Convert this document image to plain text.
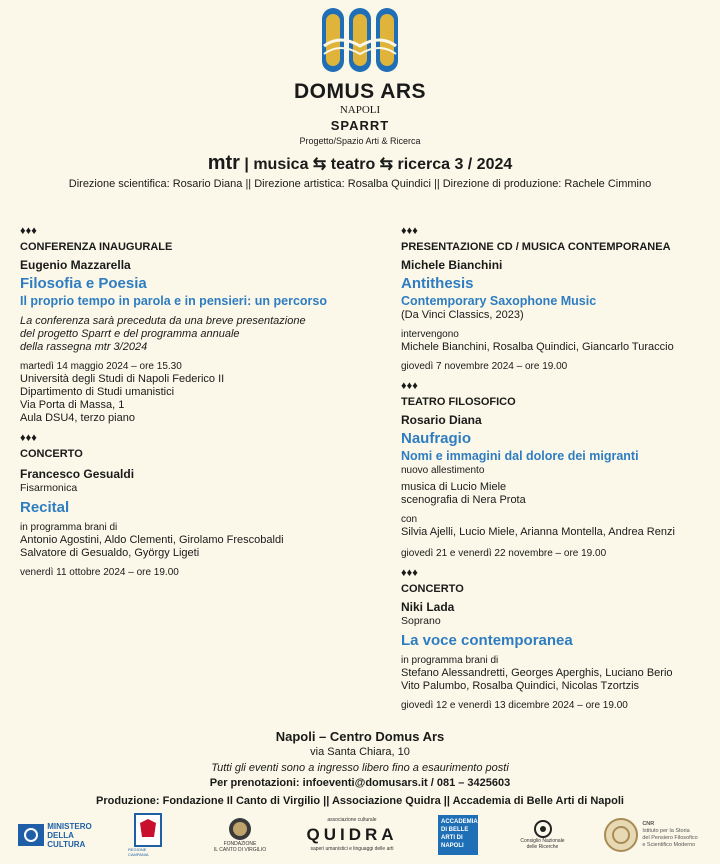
DOMUS ARS
NAPOLI
SPARRT
Progetto/Spazio Arti & Ricerca
mtr | musica ⇆ teatro ⇆ ricerca 3 / 2024
Direzione scientifica: Rosario Diana || Direzione artistica: Rosalba Quindici || Direzione di produzione: Rachele Cimmino
♦♦♦
CONFERENZA INAUGURALE
Eugenio Mazzarella
Filosofia e Poesia
Il proprio tempo in parola e in pensieri: un percorso
La conferenza sarà preceduta da una breve presentazione
del progetto Sparrt e del programma annuale
della rassegna mtr 3/2024
martedì 14 maggio 2024 – ore 15.30
Università degli Studi di Napoli Federico II
Dipartimento di Studi umanistici
Via Porta di Massa, 1
Aula DSU4, terzo piano
♦♦♦
CONCERTO
Francesco Gesualdi
Fisarmonica
Recital
in programma brani di
Antonio Agostini, Aldo Clementi, Girolamo Frescobaldi
Salvatore di Gesualdo, György Ligeti
venerdì 11 ottobre 2024 – ore 19.00
♦♦♦
PRESENTAZIONE CD / MUSICA CONTEMPORANEA
Michele Bianchini
Antithesis
Contemporary Saxophone Music
(Da Vinci Classics, 2023)
intervengono
Michele Bianchini, Rosalba Quindici, Giancarlo Turaccio
giovedì 7 novembre 2024 – ore 19.00
♦♦♦
TEATRO FILOSOFICO
Rosario Diana
Naufragio
Nomi e immagini dal dolore dei migranti
nuovo allestimento
musica di Lucio Miele
scenografia di Nera Prota
con
Silvia Ajelli, Lucio Miele, Arianna Montella, Andrea Renzi
giovedì 21 e venerdì 22 novembre – ore 19.00
♦♦♦
CONCERTO
Niki Lada
Soprano
La voce contemporanea
in programma brani di
Stefano Alessandretti, Georges Aperghis, Luciano Berio
Vito Palumbo, Rosalba Quindici, Nicolas Tzortzis
giovedì 12 e venerdì 13 dicembre 2024 – ore 19.00
Napoli – Centro Domus Ars
via Santa Chiara, 10
Tutti gli eventi sono a ingresso libero fino a esaurimento posti
Per prenotazioni: infoeventi@domusars.it / 081 – 3425603
Produzione: Fondazione Il Canto di Virgilio || Associazione Quidra || Accademia di Belle Arti di Napoli
MINISTERO
DELLA
CULTURA
REGIONE CAMPANIA
FONDAZIONE
IL CANTO DI VIRGILIO
associazione culturale
QUIDRA
saperi umanistici e linguaggi delle arti
ACCADEMIA DI BELLE ARTI DI NAPOLI
Consiglio Nazionale
delle Ricerche
CNR
Istituto per la Storia
del Pensiero Filosofico
e Scientifico Moderno
